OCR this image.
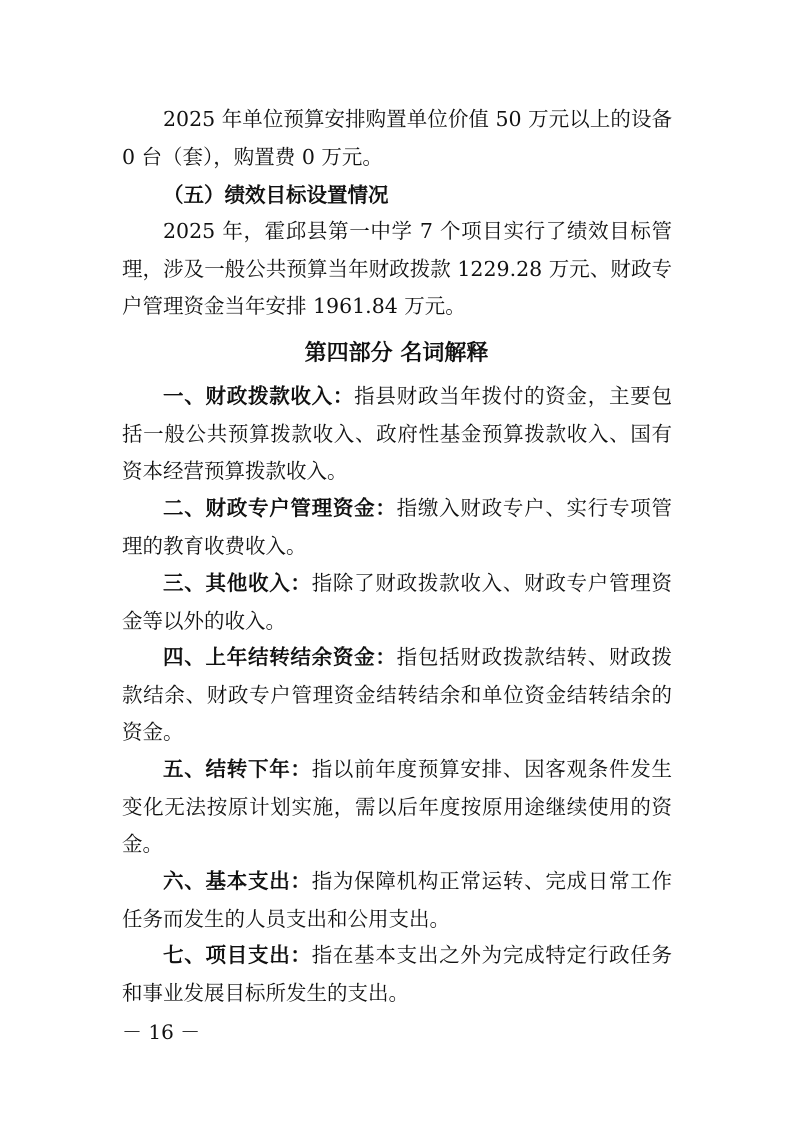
2025 年单位预算安排购置单位价值 50 万元以上的设备 0 台（套），购置费 0 万元。

（五）绩效目标设置情况

2025 年，霍邱县第一中学 7 个项目实行了绩效目标管理，涉及一般公共预算当年财政拨款 1229.28 万元、财政专户管理资金当年安排 1961.84 万元。

第四部分 名词解释

一、财政拨款收入：指县财政当年拨付的资金，主要包括一般公共预算拨款收入、政府性基金预算拨款收入、国有资本经营预算拨款收入。

二、财政专户管理资金：指缴入财政专户、实行专项管理的教育收费收入。

三、其他收入：指除了财政拨款收入、财政专户管理资金等以外的收入。

四、上年结转结余资金：指包括财政拨款结转、财政拨款结余、财政专户管理资金结转结余和单位资金结转结余的资金。

五、结转下年：指以前年度预算安排、因客观条件发生变化无法按原计划实施，需以后年度按原用途继续使用的资金。

六、基本支出：指为保障机构正常运转、完成日常工作任务而发生的人员支出和公用支出。

七、项目支出：指在基本支出之外为完成特定行政任务和事业发展目标所发生的支出。

－ 16 －
